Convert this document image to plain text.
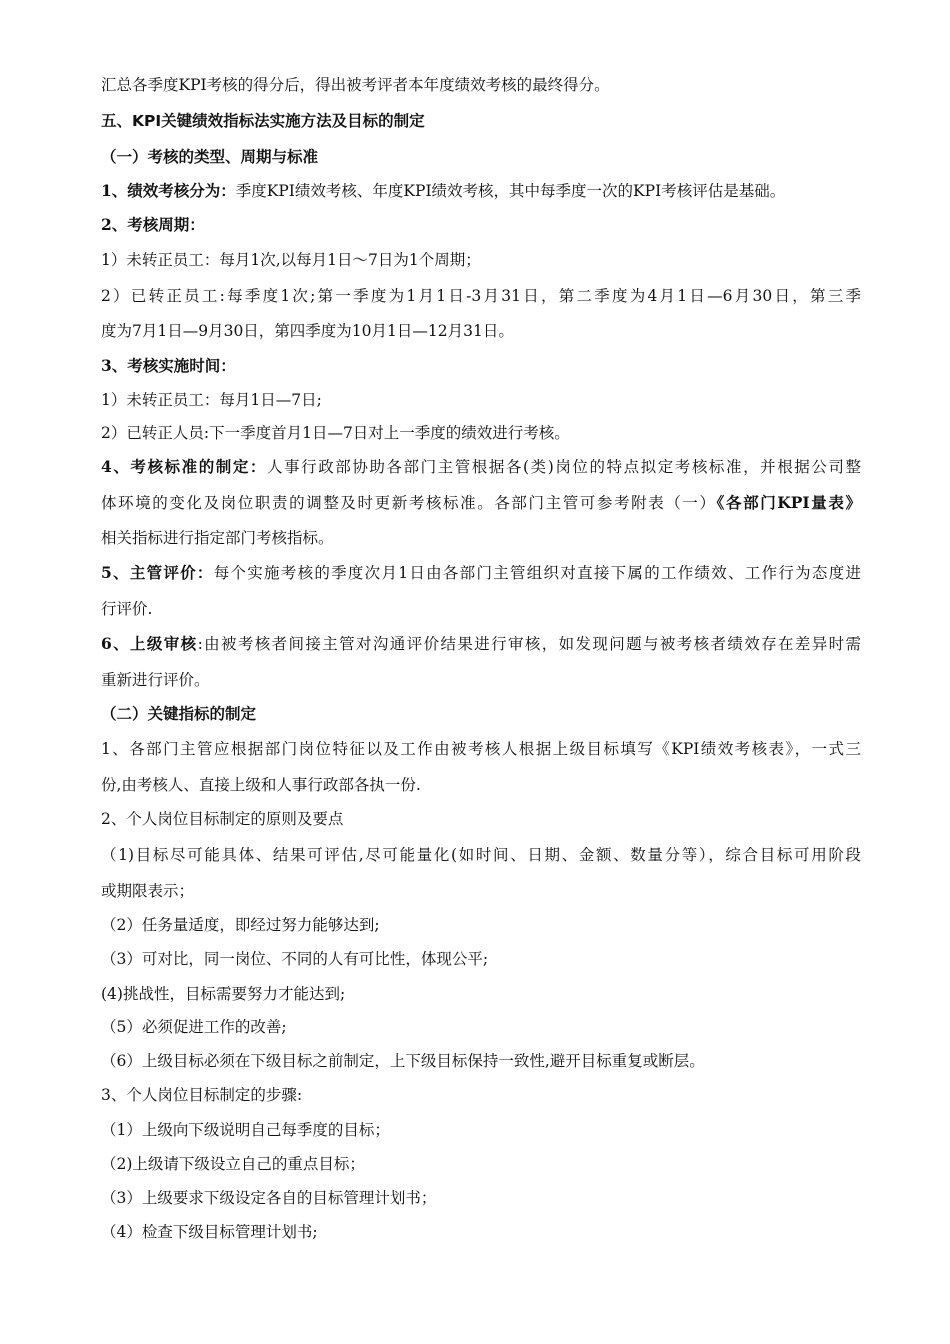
汇总各季度KPI考核的得分后，得出被考评者本年度绩效考核的最终得分。
五、KPI关键绩效指标法实施方法及目标的制定
（一）考核的类型、周期与标准
1、绩效考核分为：季度KPI绩效考核、年度KPI绩效考核，其中每季度一次的KPI考核评估是基础。
2、考核周期：
1）未转正员工：每月1次,以每月1日～7日为1个周期；
2）已转正员工:每季度1次;第一季度为1月1日-3月31日，第二季度为4月1日—6月30日，第三季
度为7月1日—9月30日，第四季度为10月1日—12月31日。
3、考核实施时间：
1）未转正员工：每月1日—7日;
2）已转正人员:下一季度首月1日—7日对上一季度的绩效进行考核。
4、考核标准的制定：人事行政部协助各部门主管根据各(类)岗位的特点拟定考核标准，并根据公司整
体环境的变化及岗位职责的调整及时更新考核标准。各部门主管可参考附表（一）《各部门KPI量表》
相关指标进行指定部门考核指标。
5、主管评价：每个实施考核的季度次月1日由各部门主管组织对直接下属的工作绩效、工作行为态度进
行评价.
6、上级审核:由被考核者间接主管对沟通评价结果进行审核，如发现问题与被考核者绩效存在差异时需
重新进行评价。
（二）关键指标的制定
1、各部门主管应根据部门岗位特征以及工作由被考核人根据上级目标填写《KPI绩效考核表》，一式三
份,由考核人、直接上级和人事行政部各执一份.
2、个人岗位目标制定的原则及要点
（1)目标尽可能具体、结果可评估,尽可能量化(如时间、日期、金额、数量分等），综合目标可用阶段
或期限表示；
（2）任务量适度，即经过努力能够达到;
（3）可对比，同一岗位、不同的人有可比性，体现公平;
(4)挑战性，目标需要努力才能达到;
（5）必须促进工作的改善;
（6）上级目标必须在下级目标之前制定，上下级目标保持一致性,避开目标重复或断层。
3、个人岗位目标制定的步骤:
（1）上级向下级说明自己每季度的目标；
（2)上级请下级设立自己的重点目标；
（3）上级要求下级设定各自的目标管理计划书；
（4）检查下级目标管理计划书;
